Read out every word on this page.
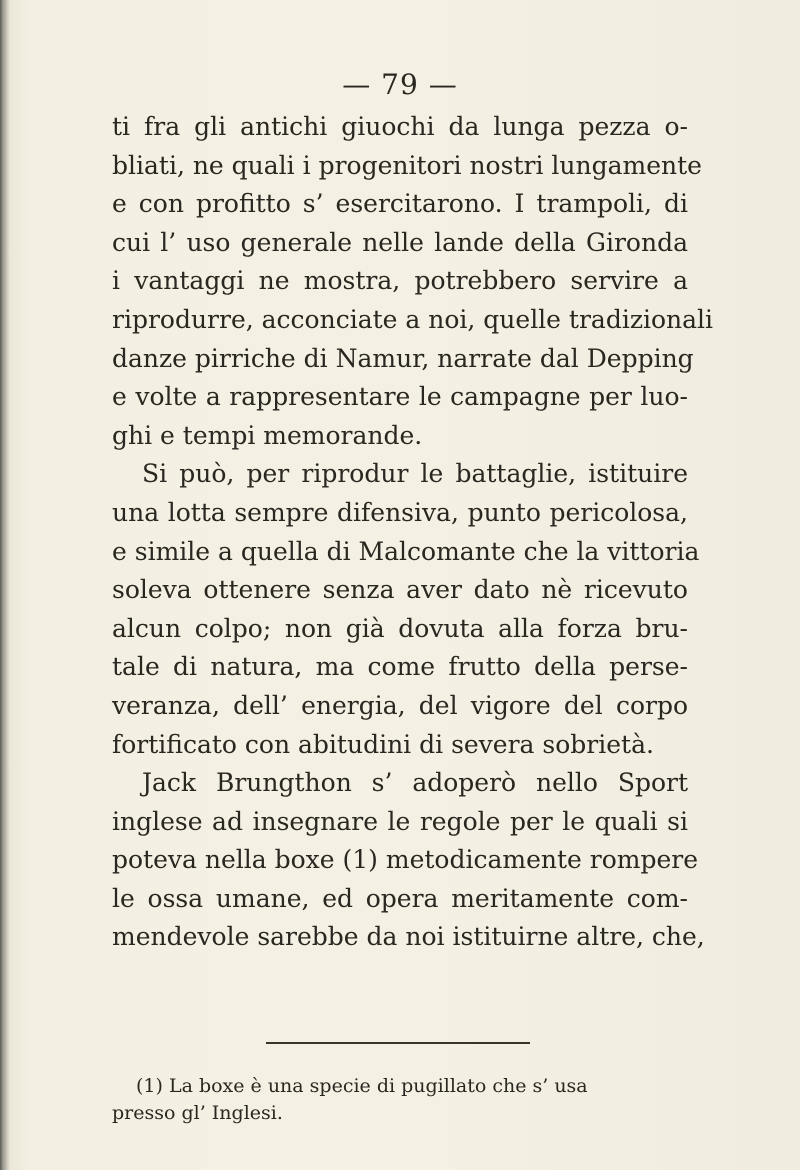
— 79 —
ti fra gli antichi giuochi da lunga pezza o-
bliati, ne quali i progenitori nostri lungamente
e con profitto s’ esercitarono. I trampoli, di
cui l’ uso generale nelle lande della Gironda
i vantaggi ne mostra, potrebbero servire a
riprodurre, acconciate a noi, quelle tradizionali
danze pirriche di Namur, narrate dal Depping
e volte a rappresentare le campagne per luo-
ghi e tempi memorande.
Si può, per riprodur le battaglie, istituire
una lotta sempre difensiva, punto pericolosa,
e simile a quella di Malcomante che la vittoria
soleva ottenere senza aver dato nè ricevuto
alcun colpo; non già dovuta alla forza bru-
tale di natura, ma come frutto della perse-
veranza, dell’ energia, del vigore del corpo
fortificato con abitudini di severa sobrietà.
Jack Brungthon s’ adoperò nello Sport
inglese ad insegnare le regole per le quali si
poteva nella boxe (1) metodicamente rompere
le ossa umane, ed opera meritamente com-
mendevole sarebbe da noi istituirne altre, che,
(1) La boxe è una specie di pugillato che s’ usa
presso gl’ Inglesi.
